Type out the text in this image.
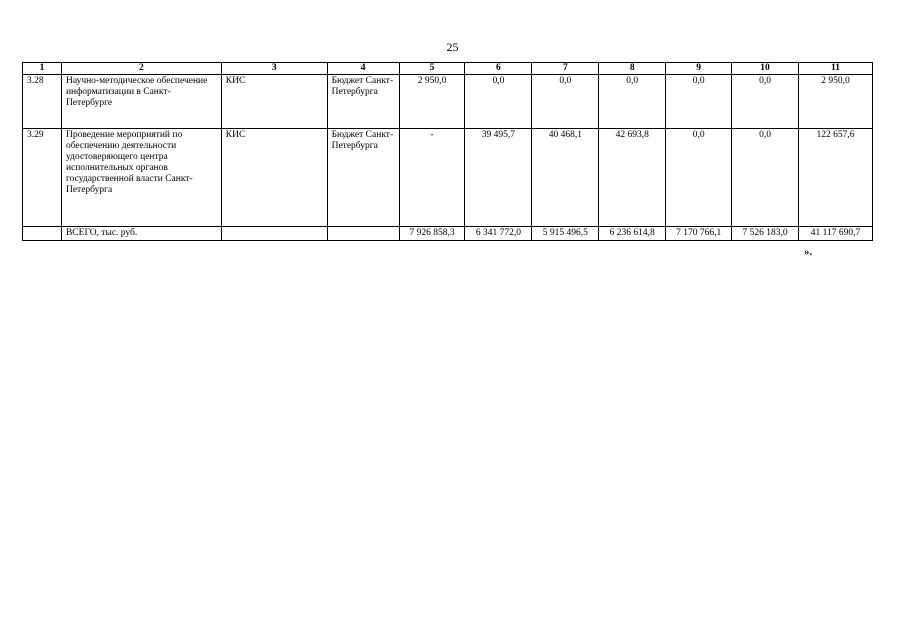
25
1	2	3	4	5	6	7	8	9	10	11
3.28	Научно-методическое обеспечение информатизации в Санкт-Петербурге	КИС	Бюджет Санкт-Петербурга	2 950,0	0,0	0,0	0,0	0,0	0,0	2 950,0
3.29	Проведение мероприятий по обеспечению деятельности удостоверяющего центра исполнительных органов государственной власти Санкт-Петербурга	КИС	Бюджет Санкт-Петербурга	-	39 495,7	40 468,1	42 693,8	0,0	0,0	122 657,6
	ВСЕГО, тыс. руб.			7 926 858,3	6 341 772,0	5 915 496,5	6 236 614,8	7 170 766,1	7 526 183,0	41 117 690,7
».
